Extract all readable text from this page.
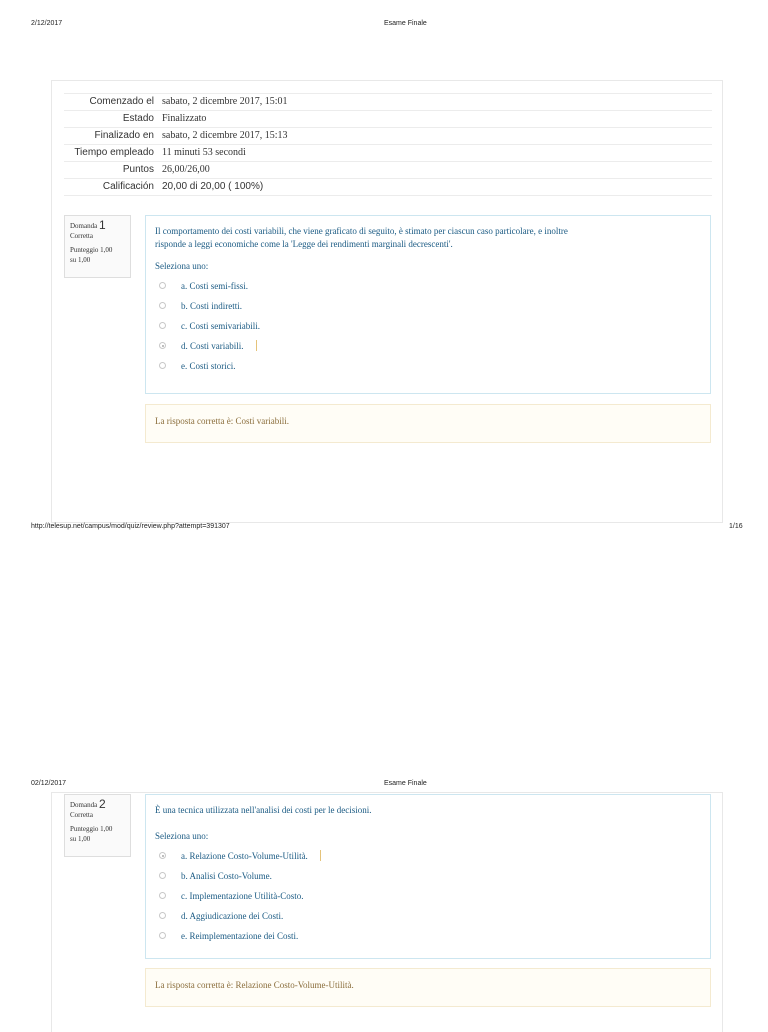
2/12/2017	Esame Finale
Comenzado el	sabato, 2 dicembre 2017, 15:01
Estado	Finalizzato
Finalizado en	sabato, 2 dicembre 2017, 15:13
Tiempo empleado	11 minuti 53 secondi
Puntos	26,00/26,00
Calificación	20,00 di 20,00 ( 100%)
Domanda 1
Corretta
Punteggio 1,00
su 1,00
Il comportamento dei costi variabili, che viene graficato di seguito, è stimato per ciascun caso particolare, e inoltre
risponde a leggi economiche come la 'Legge dei rendimenti marginali decrescenti'.
Seleziona uno:
a. Costi semi-fissi.
b. Costi indiretti.
c. Costi semivariabili.
d. Costi variabili.
e. Costi storici.
La risposta corretta è: Costi variabili.
http://telesup.net/campus/mod/quiz/review.php?attempt=391307	1/16
02/12/2017	Esame Finale
Domanda 2
Corretta
Punteggio 1,00
su 1,00
È una tecnica utilizzata nell'analisi dei costi per le decisioni.
Seleziona uno:
a. Relazione Costo-Volume-Utilità.
b. Analisi Costo-Volume.
c. Implementazione Utilità-Costo.
d. Aggiudicazione dei Costi.
e. Reimplementazione dei Costi.
La risposta corretta è: Relazione Costo-Volume-Utilità.
